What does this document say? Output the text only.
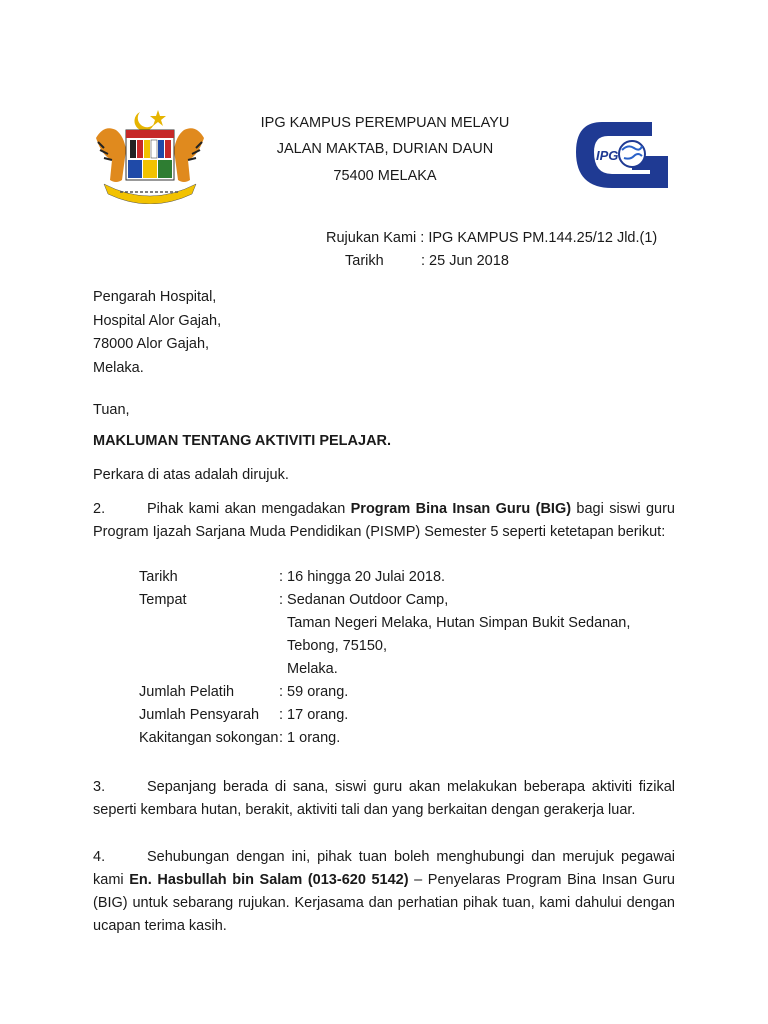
IPG KAMPUS PEREMPUAN MELAYU
JALAN MAKTAB, DURIAN DAUN
75400 MELAKA
IPG
Rujukan Kami : IPG KAMPUS PM.144.25/12 Jld.(1)
Tarikh	: 25 Jun 2018
Pengarah Hospital,
Hospital Alor Gajah,
78000 Alor Gajah,
Melaka.
Tuan,
MAKLUMAN TENTANG AKTIVITI PELAJAR.
Perkara di atas adalah dirujuk.
2.	Pihak kami akan mengadakan Program Bina Insan Guru (BIG) bagi siswi guru Program Ijazah Sarjana Muda Pendidikan (PISMP) Semester 5 seperti ketetapan berikut:
Tarikh	: 16 hingga 20 Julai 2018.
Tempat	: Sedanan Outdoor Camp,
Taman Negeri Melaka, Hutan Simpan Bukit Sedanan,
Tebong, 75150,
Melaka.
Jumlah Pelatih	: 59 orang.
Jumlah Pensyarah : 17 orang.
Kakitangan sokongan : 1 orang.
3.	Sepanjang berada di sana, siswi guru akan melakukan beberapa aktiviti fizikal seperti kembara hutan, berakit, aktiviti tali dan yang berkaitan dengan gerakerja luar.
4.	Sehubungan dengan ini, pihak tuan boleh menghubungi dan merujuk pegawai kami En. Hasbullah bin Salam (013-620 5142) – Penyelaras Program Bina Insan Guru (BIG) untuk sebarang rujukan. Kerjasama dan perhatian pihak tuan, kami dahului dengan ucapan terima kasih.
